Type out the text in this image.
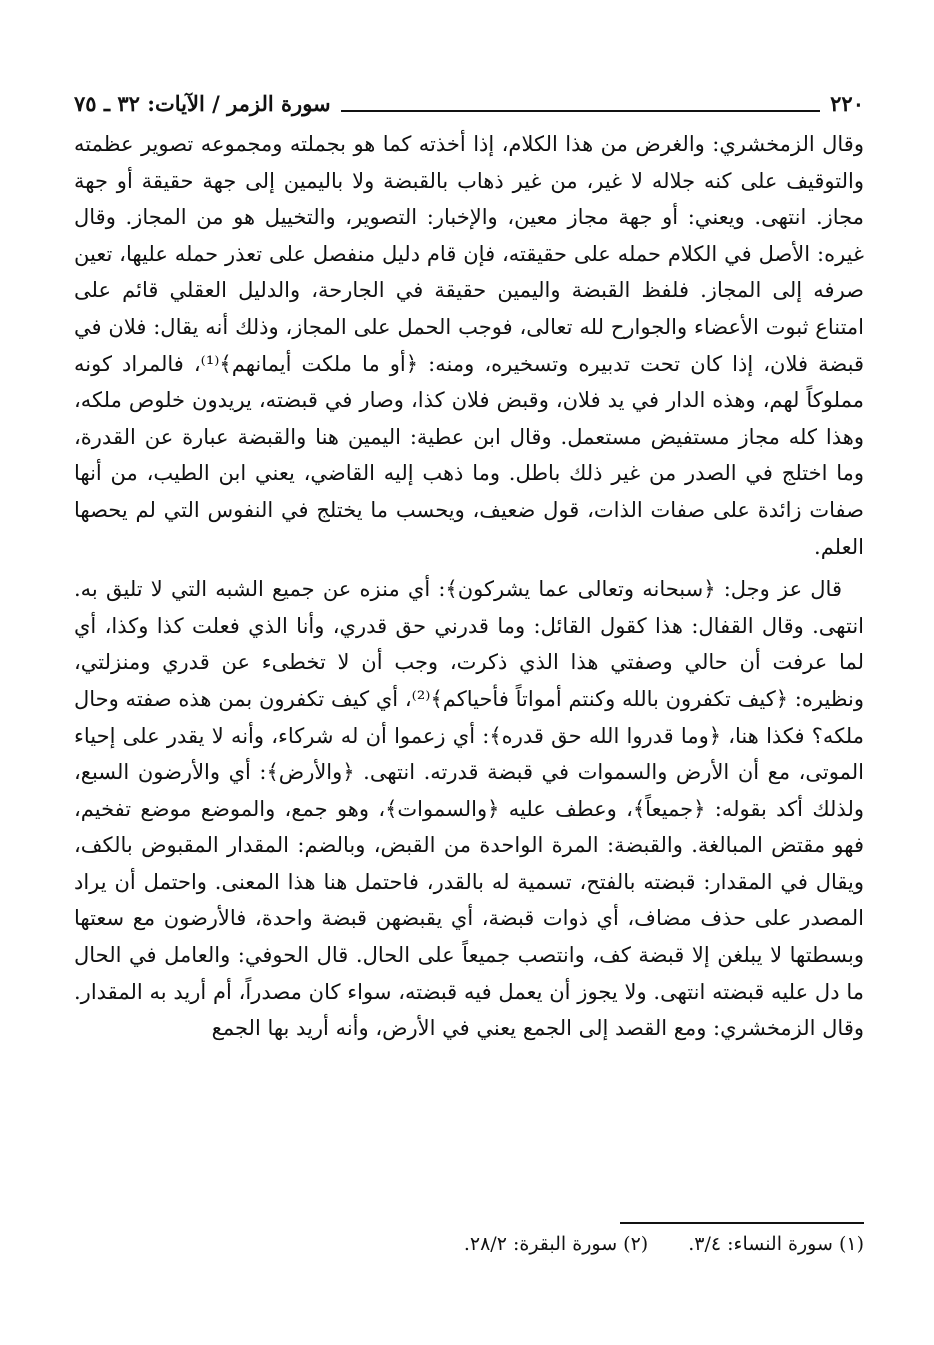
٢٢٠
سورة الزمر / الآيات: ٣٢ ـ ٧٥

وقال الزمخشري: والغرض من هذا الكلام، إذا أخذته كما هو بجملته ومجموعه تصوير عظمته والتوقيف على كنه جلاله لا غير، من غير ذهاب بالقبضة ولا باليمين إلى جهة حقيقة أو جهة مجاز. انتهى. ويعني: أو جهة مجاز معين، والإخبار: التصوير، والتخييل هو من المجاز. وقال غيره: الأصل في الكلام حمله على حقيقته، فإن قام دليل منفصل على تعذر حمله عليها، تعين صرفه إلى المجاز. فلفظ القبضة واليمين حقيقة في الجارحة، والدليل العقلي قائم على امتناع ثبوت الأعضاء والجوارح لله تعالى، فوجب الحمل على المجاز، وذلك أنه يقال: فلان في قبضة فلان، إذا كان تحت تدبيره وتسخيره، ومنه: ﴿أو ما ملكت أيمانهم﴾⁽¹⁾، فالمراد كونه مملوكاً لهم، وهذه الدار في يد فلان، وقبض فلان كذا، وصار في قبضته، يريدون خلوص ملكه، وهذا كله مجاز مستفيض مستعمل. وقال ابن عطية: اليمين هنا والقبضة عبارة عن القدرة، وما اختلج في الصدر من غير ذلك باطل. وما ذهب إليه القاضي، يعني ابن الطيب، من أنها صفات زائدة على صفات الذات، قول ضعيف، ويحسب ما يختلج في النفوس التي لم يحصها العلم.

قال عز وجل: ﴿سبحانه وتعالى عما يشركون﴾: أي منزه عن جميع الشبه التي لا تليق به. انتهى. وقال القفال: هذا كقول القائل: وما قدرني حق قدري، وأنا الذي فعلت كذا وكذا، أي لما عرفت أن حالي وصفتي هذا الذي ذكرت، وجب أن لا تخطىء عن قدري ومنزلتي، ونظيره: ﴿كيف تكفرون بالله وكنتم أمواتاً فأحياكم﴾⁽²⁾، أي كيف تكفرون بمن هذه صفته وحال ملكه؟ فكذا هنا، ﴿وما قدروا الله حق قدره﴾: أي زعموا أن له شركاء، وأنه لا يقدر على إحياء الموتى، مع أن الأرض والسموات في قبضة قدرته. انتهى. ﴿والأرض﴾: أي والأرضون السبع، ولذلك أكد بقوله: ﴿جميعاً﴾، وعطف عليه ﴿والسموات﴾، وهو جمع، والموضع موضع تفخيم، فهو مقتض المبالغة. والقبضة: المرة الواحدة من القبض، وبالضم: المقدار المقبوض بالكف، ويقال في المقدار: قبضته بالفتح، تسمية له بالقدر، فاحتمل هنا هذا المعنى. واحتمل أن يراد المصدر على حذف مضاف، أي ذوات قبضة، أي يقبضهن قبضة واحدة، فالأرضون مع سعتها وبسطتها لا يبلغن إلا قبضة كف، وانتصب جميعاً على الحال. قال الحوفي: والعامل في الحال ما دل عليه قبضته انتهى. ولا يجوز أن يعمل فيه قبضته، سواء كان مصدراً، أم أريد به المقدار. وقال الزمخشري: ومع القصد إلى الجمع يعني في الأرض، وأنه أريد بها الجمع

(١) سورة النساء: ٣/٤.
(٢) سورة البقرة: ٢٨/٢.
